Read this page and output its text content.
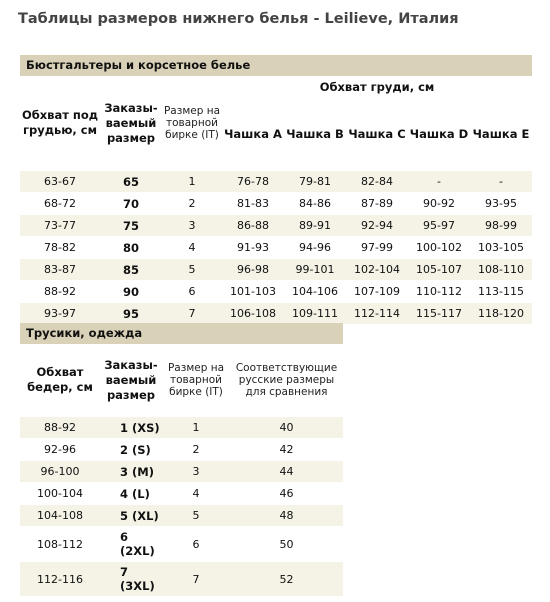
Таблицы размеров нижнего белья - Leilieve, Италия
Бюстгальтеры и корсетное белье
Обхват под грудью, см	Заказы-ваемый размер	Размер на товарной бирке (IT)	Обхват груди, см				
			Чашка A	Чашка B	Чашка C	Чашка D	Чашка E
63-67	65	1	76-78	79-81	82-84	-	-
68-72	70	2	81-83	84-86	87-89	90-92	93-95
73-77	75	3	86-88	89-91	92-94	95-97	98-99
78-82	80	4	91-93	94-96	97-99	100-102	103-105
83-87	85	5	96-98	99-101	102-104	105-107	108-110
88-92	90	6	101-103	104-106	107-109	110-112	113-115
93-97	95	7	106-108	109-111	112-114	115-117	118-120
Трусики, одежда
Обхват бедер, см	Заказы-ваемый размер	Размер на товарной бирке (IT)	Соответствующие русские размеры для сравнения
88-92	1 (XS)	1	40
92-96	2 (S)	2	42
96-100	3 (M)	3	44
100-104	4 (L)	4	46
104-108	5 (XL)	5	48
108-112	6 (2XL)	6	50
112-116	7 (3XL)	7	52
